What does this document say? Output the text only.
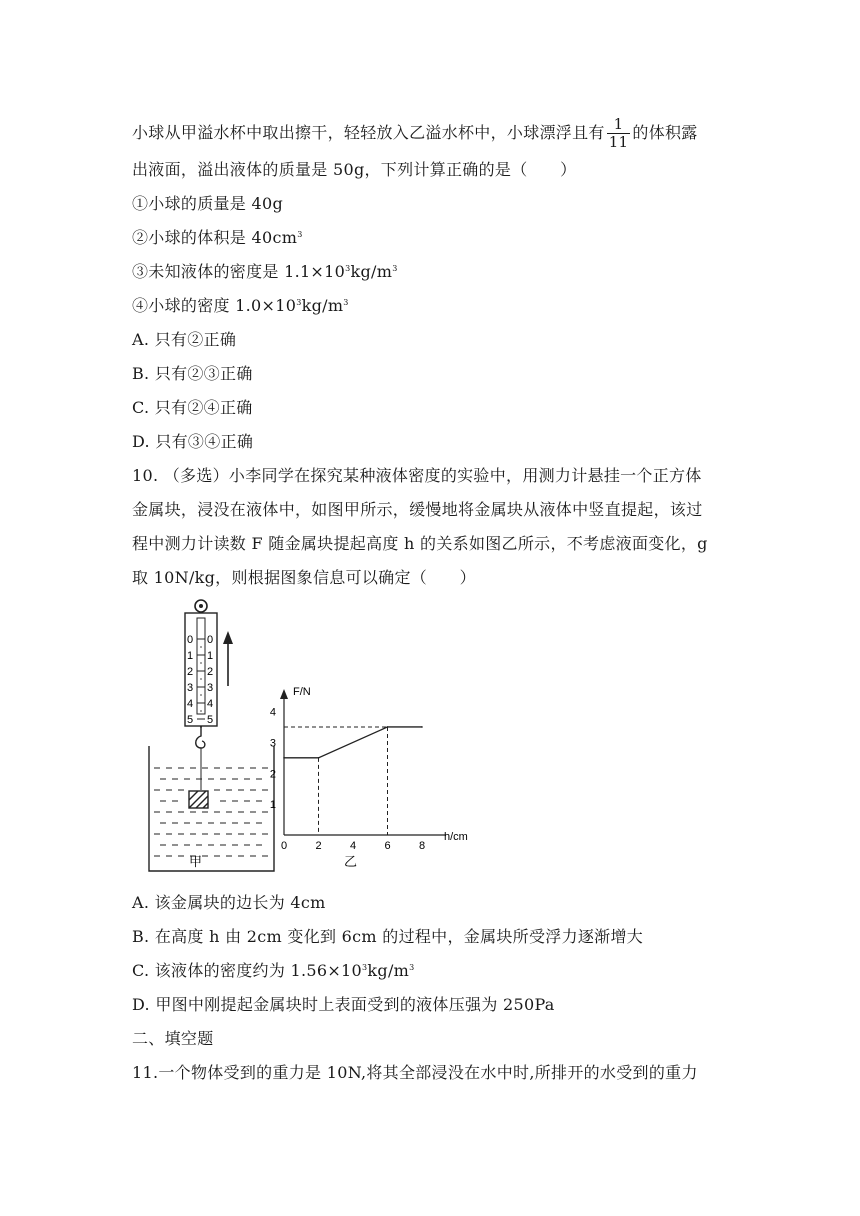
小球从甲溢水杯中取出擦干，轻轻放入乙溢水杯中，小球漂浮且有 $\frac{1}{11}$ 的体积露
出液面，溢出液体的质量是 50g，下列计算正确的是（　　）
①小球的质量是 40g
②小球的体积是 $40cm^3$
③未知液体的密度是 $1.1\times 10^3kg/m^3$
④小球的密度 $1.0\times 10^3kg/m^3$
A. 只有②正确
B. 只有②③正确
C. 只有②④正确
D. 只有③④正确
10. （多选）小李同学在探究某种液体密度的实验中，用测力计悬挂一个正方体
金属块，浸没在液体中，如图甲所示，缓慢地将金属块从液体中竖直提起，该过
程中测力计读数 F 随金属块提起高度 h 的关系如图乙所示，不考虑液面变化，g
取 10N/kg，则根据图象信息可以确定（　　）
0
1
2
3
4
5
0
1
2
3
4
5
甲
F/N
h/cm
0	2	4	6	8
1
2
3
4
乙
A. 该金属块的边长为 4cm
B. 在高度 h 由 2cm 变化到 6cm 的过程中，金属块所受浮力逐渐增大
C. 该液体的密度约为 $1.56\times 10^3kg/m^3$
D. 甲图中刚提起金属块时上表面受到的液体压强为 250Pa
二、填空题
11.一个物体受到的重力是 10N,将其全部浸没在水中时,所排开的水受到的重力
